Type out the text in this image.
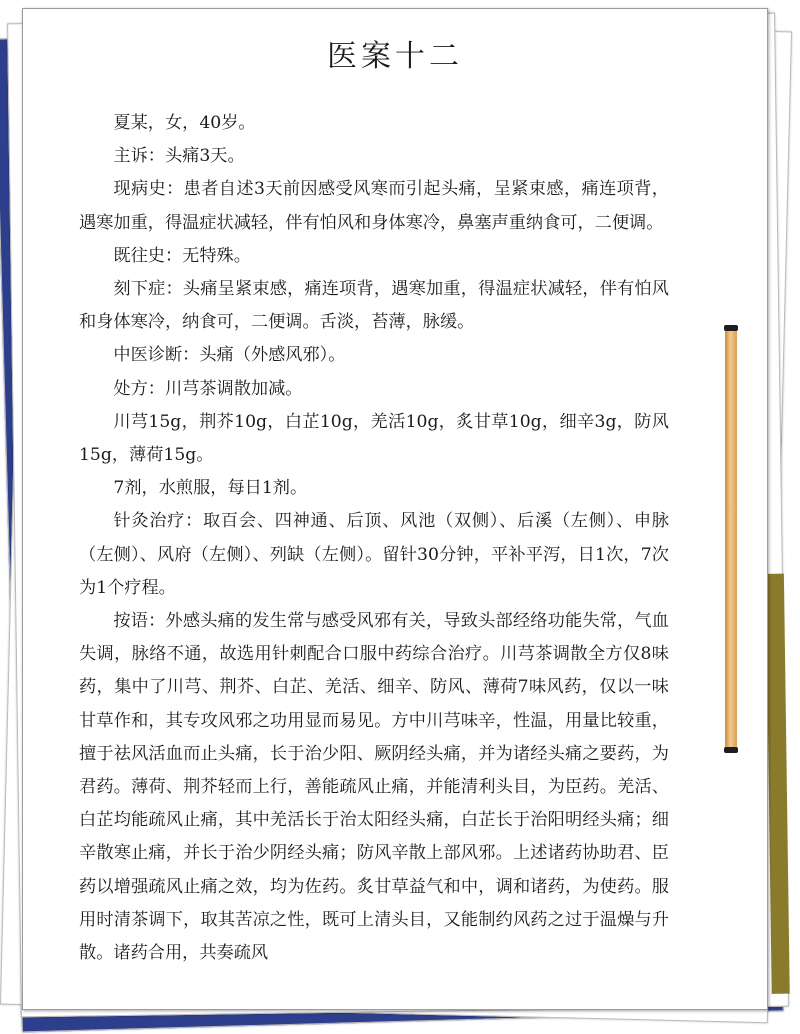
医案十二

夏某，女，40岁。

主诉：头痛3天。

现病史：患者自述3天前因感受风寒而引起头痛，呈紧束感，痛连项背，遇寒加重，得温症状减轻，伴有怕风和身体寒冷，鼻塞声重纳食可，二便调。

既往史：无特殊。

刻下症：头痛呈紧束感，痛连项背，遇寒加重，得温症状减轻，伴有怕风和身体寒冷，纳食可，二便调。舌淡，苔薄，脉缓。

中医诊断：头痛（外感风邪）。

处方：川芎茶调散加减。

川芎15g，荆芥10g，白芷10g，羌活10g，炙甘草10g，细辛3g，防风15g，薄荷15g。

7剂，水煎服，每日1剂。

针灸治疗：取百会、四神通、后顶、风池（双侧）、后溪（左侧）、申脉（左侧）、风府（左侧）、列缺（左侧）。留针30分钟，平补平泻，日1次，7次为1个疗程。

按语：外感头痛的发生常与感受风邪有关，导致头部经络功能失常，气血失调，脉络不通，故选用针刺配合口服中药综合治疗。川芎茶调散全方仅8味药，集中了川芎、荆芥、白芷、羌活、细辛、防风、薄荷7味风药，仅以一味甘草作和，其专攻风邪之功用显而易见。方中川芎味辛，性温，用量比较重，擅于祛风活血而止头痛，长于治少阳、厥阴经头痛，并为诸经头痛之要药，为君药。薄荷、荆芥轻而上行，善能疏风止痛，并能清利头目，为臣药。羌活、白芷均能疏风止痛，其中羌活长于治太阳经头痛，白芷长于治阳明经头痛；细辛散寒止痛，并长于治少阴经头痛；防风辛散上部风邪。上述诸药协助君、臣药以增强疏风止痛之效，均为佐药。炙甘草益气和中，调和诸药，为使药。服用时清茶调下，取其苦凉之性，既可上清头目，又能制约风药之过于温燥与升散。诸药合用，共奏疏风
